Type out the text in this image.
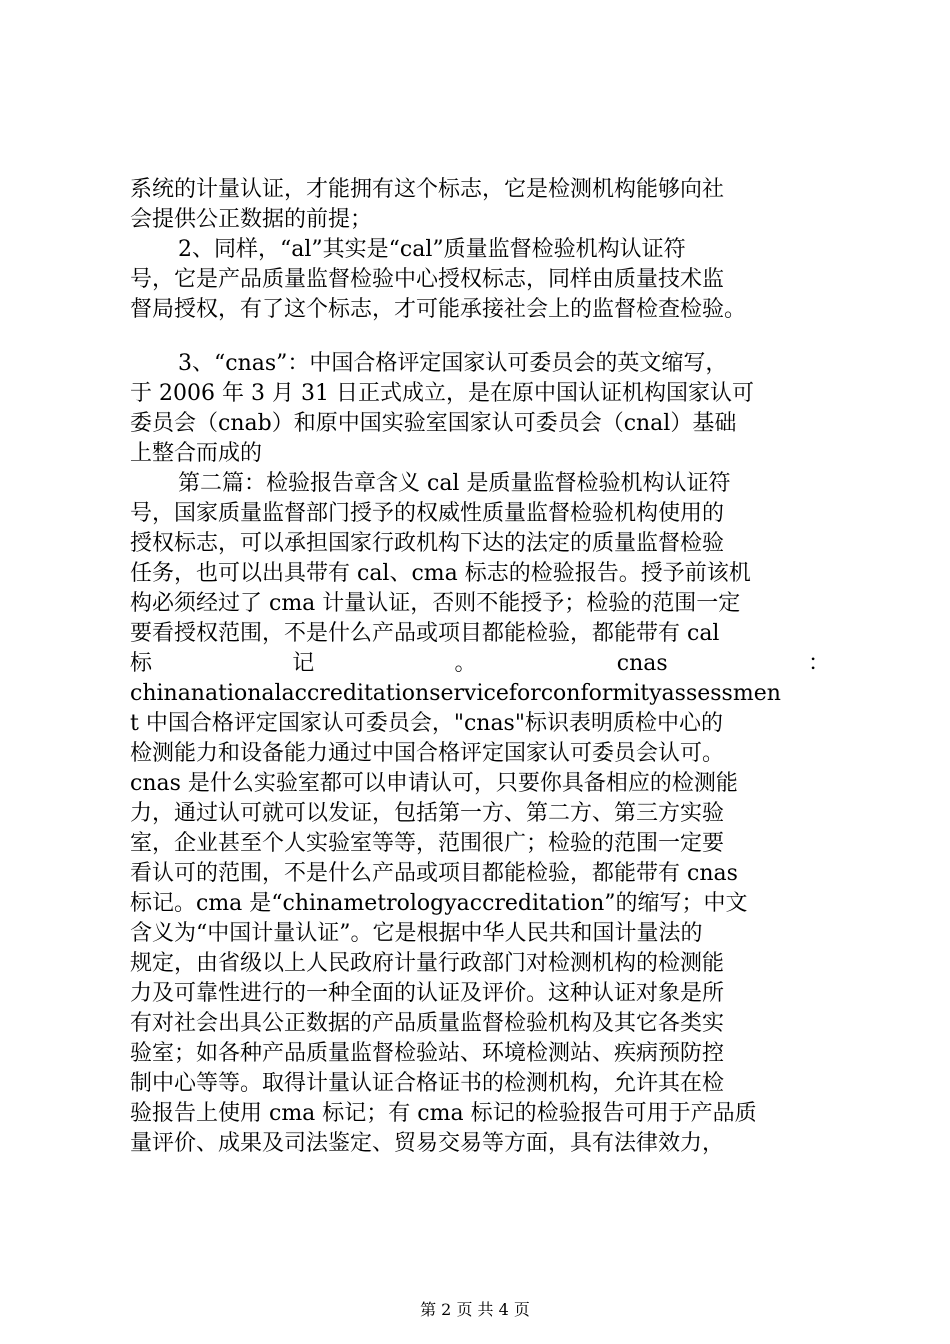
系统的计量认证，才能拥有这个标志，它是检测机构能够向社
会提供公正数据的前提；
2、同样，“al”其实是“cal”质量监督检验机构认证符
号，它是产品质量监督检验中心授权标志，同样由质量技术监
督局授权，有了这个标志，才可能承接社会上的监督检查检验。
3、“cnas”：中国合格评定国家认可委员会的英文缩写，
于 2006 年 3 月 31 日正式成立，是在原中国认证机构国家认可
委员会（cnab）和原中国实验室国家认可委员会（cnal）基础
上整合而成的
第二篇：检验报告章含义 cal 是质量监督检验机构认证符
号，国家质量监督部门授予的权威性质量监督检验机构使用的
授权标志，可以承担国家行政机构下达的法定的质量监督检验
任务，也可以出具带有 cal、cma 标志的检验报告。授予前该机
构必须经过了 cma 计量认证，否则不能授予；检验的范围一定
要看授权范围，不是什么产品或项目都能检验，都能带有 cal
标	记	。	cnas	：
chinanationalaccreditationserviceforconformityassessmen
t 中国合格评定国家认可委员会，"cnas"标识表明质检中心的
检测能力和设备能力通过中国合格评定国家认可委员会认可。
cnas 是什么实验室都可以申请认可，只要你具备相应的检测能
力，通过认可就可以发证，包括第一方、第二方、第三方实验
室，企业甚至个人实验室等等，范围很广；检验的范围一定要
看认可的范围，不是什么产品或项目都能检验，都能带有 cnas
标记。cma 是“chinametrologyaccreditation”的缩写；中文
含义为“中国计量认证”。它是根据中华人民共和国计量法的
规定，由省级以上人民政府计量行政部门对检测机构的检测能
力及可靠性进行的一种全面的认证及评价。这种认证对象是所
有对社会出具公正数据的产品质量监督检验机构及其它各类实
验室；如各种产品质量监督检验站、环境检测站、疾病预防控
制中心等等。取得计量认证合格证书的检测机构，允许其在检
验报告上使用 cma 标记；有 cma 标记的检验报告可用于产品质
量评价、成果及司法鉴定、贸易交易等方面，具有法律效力，
第 2 页 共 4 页
